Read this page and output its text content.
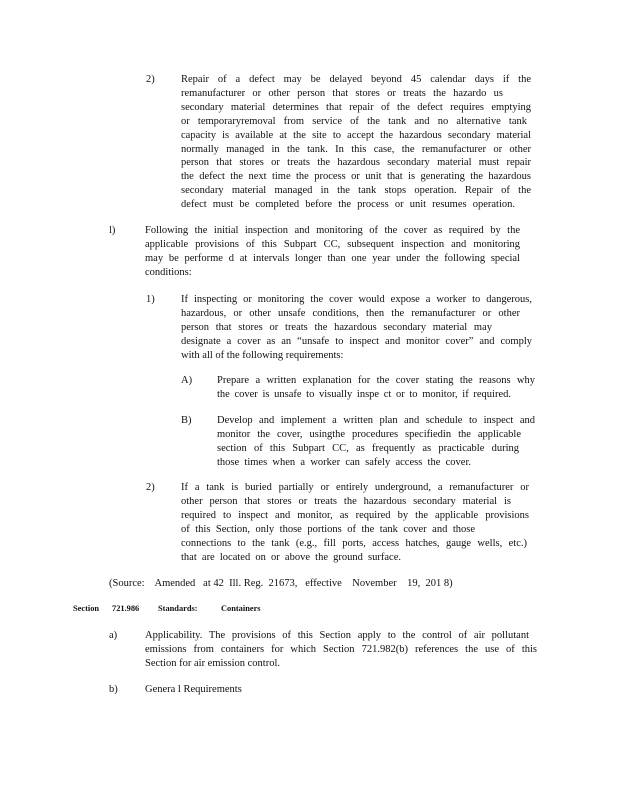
2)	Repair of a defect may be delayed beyond 45 calendar days if the
remanufacturer or other person that stores or treats the hazardo us
secondary material determines that repair of the defect requires emptying
or temporaryremoval from service of the tank and no alternative tank
capacity is available at the site to accept the hazardous secondary material
normally managed in the tank. In this case, the remanufacturer or other
person that stores or treats the hazardous secondary material must repair
the defect the next time the process or unit that is generating the hazardous
secondary material managed in the tank stops operation. Repair of the
defect must be completed before the process or unit resumes operation.
l)	Following the initial inspection and monitoring of the cover as required by the
applicable provisions of this Subpart CC, subsequent inspection and monitoring
may be performe d at intervals longer than one year under the following special
conditions:
1)	If inspecting or monitoring the cover would expose a worker to dangerous,
hazardous, or other unsafe conditions, then the remanufacturer or other
person that stores or treats the hazardous secondary material may
designate a cover as an “unsafe to inspect and monitor cover” and comply
with all of the following requirements:
A) Prepare a written explanation for the cover stating the reasons why
the cover is unsafe to visually inspe ct or to monitor, if required.
B) Develop and implement a written plan and schedule to inspect and
monitor the cover, usingthe procedures specifiedin the applicable
section of this Subpart CC, as frequently as practicable during
those times when a worker can safely access the cover.
2)	If a tank is buried partially or entirely underground, a remanufacturer or
other person that stores or treats the hazardous secondary material is
required to inspect and monitor, as required by the applicable provisions
of this Section, only those portions of the tank cover and those
connections to the tank (e.g., fill ports, access hatches, gauge wells, etc.)
that are located on or above the ground surface.
(Source:    Amended   at 42  Ill. Reg.  21673,   effective    November    19,  201 8)
Section 721.986 Standards:	Containers
a)	Applicability. The provisions of this Section apply to the control of air pollutant
emissions from containers for which Section 721.982(b) references the use of this
Section for air emission control.
b)	Genera l Requirements
